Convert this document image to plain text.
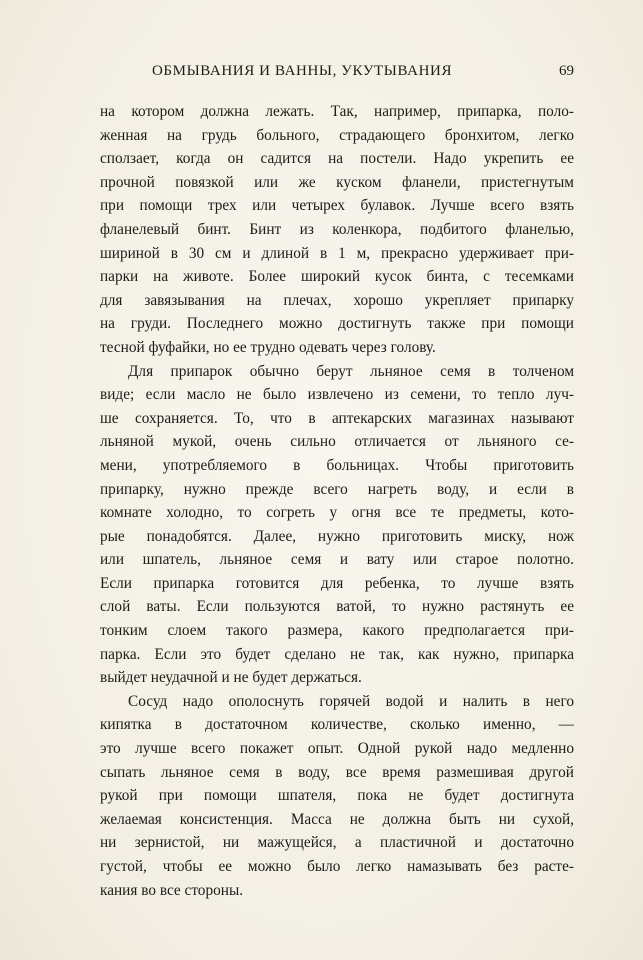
ОБМЫВАНИЯ И ВАННЫ, УКУТЫВАНИЯ	69
на котором должна лежать. Так, например, припарка, поло-
женная на грудь больного, страдающего бронхитом, легко
сползает, когда он садится на постели. Надо укрепить ее
прочной повязкой или же куском фланели, пристегнутым
при помощи трех или четырех булавок. Лучше всего взять
фланелевый бинт. Бинт из коленкора, подбитого фланелью,
шириной в 30 см и длиной в 1 м, прекрасно удерживает при-
парки на животе. Более широкий кусок бинта, с тесемками
для завязывания на плечах, хорошо укрепляет припарку
на груди. Последнего можно достигнуть также при помощи
тесной фуфайки, но ее трудно одевать через голову.
Для припарок обычно берут льняное семя в толченом
виде; если масло не было извлечено из семени, то тепло луч-
ше сохраняется. То, что в аптекарских магазинах называют
льняной мукой, очень сильно отличается от льняного се-
мени, употребляемого в больницах. Чтобы приготовить
припарку, нужно прежде всего нагреть воду, и если в
комнате холодно, то согреть у огня все те предметы, кото-
рые понадобятся. Далее, нужно приготовить миску, нож
или шпатель, льняное семя и вату или старое полотно.
Если припарка готовится для ребенка, то лучше взять
слой ваты. Если пользуются ватой, то нужно растянуть ее
тонким слоем такого размера, какого предполагается при-
парка. Если это будет сделано не так, как нужно, припарка
выйдет неудачной и не будет держаться.
Сосуд надо ополоснуть горячей водой и налить в него
кипятка в достаточном количестве, сколько именно, —
это лучше всего покажет опыт. Одной рукой надо медленно
сыпать льняное семя в воду, все время размешивая другой
рукой при помощи шпателя, пока не будет достигнута
желаемая консистенция. Масса не должна быть ни сухой,
ни зернистой, ни мажущейся, а пластичной и достаточно
густой, чтобы ее можно было легко намазывать без расте-
кания во все стороны.
